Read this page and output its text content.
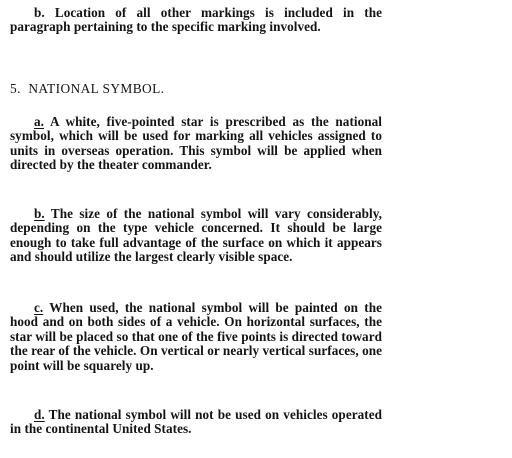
b. Location of all other markings is included in the paragraph pertaining to the specific marking involved.

5. NATIONAL SYMBOL.

a. A white, five-pointed star is prescribed as the national symbol, which will be used for marking all vehicles assigned to units in overseas operation. This symbol will be applied when directed by the theater commander.

b. The size of the national symbol will vary considerably, depending on the type vehicle concerned. It should be large enough to take full advantage of the surface on which it appears and should utilize the largest clearly visible space.

c. When used, the national symbol will be painted on the hood and on both sides of a vehicle. On horizontal surfaces, the star will be placed so that one of the five points is directed toward the rear of the vehicle. On vertical or nearly vertical surfaces, one point will be squarely up.

d. The national symbol will not be used on vehicles operated in the continental United States.
